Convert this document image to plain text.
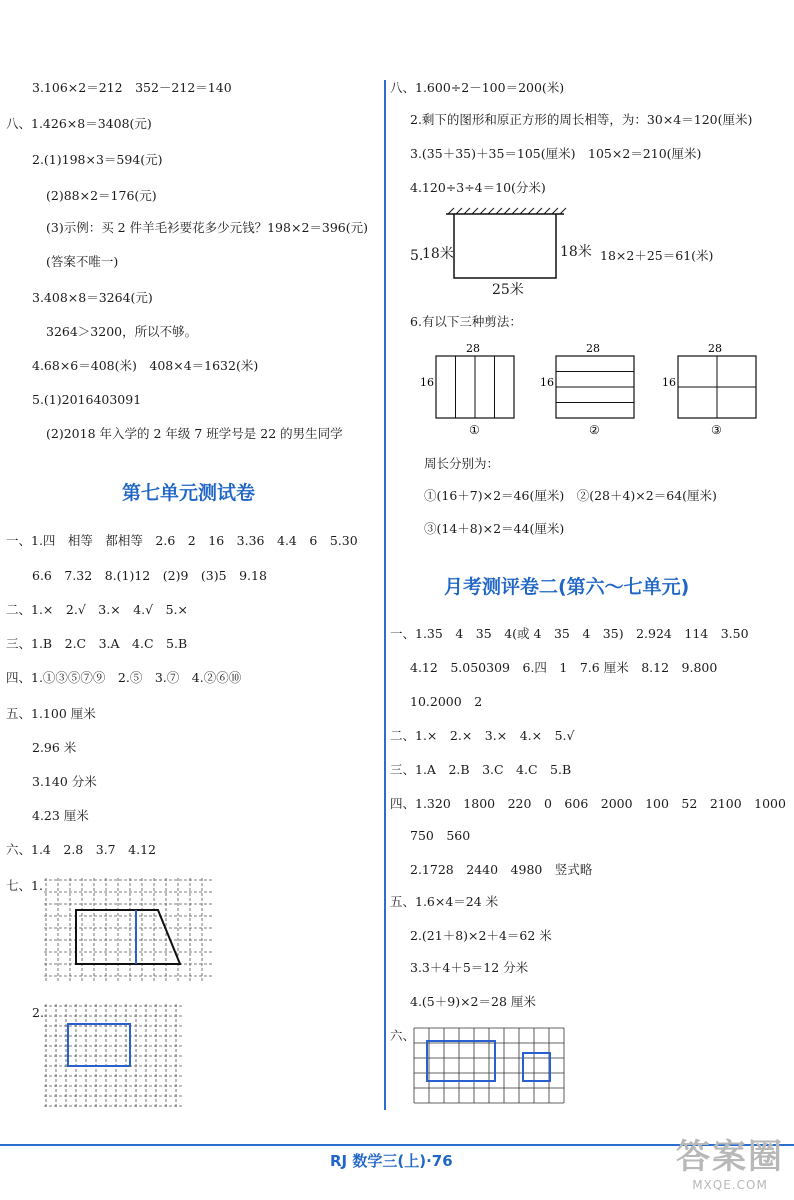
3.106×2＝212　352－212＝140
八、1.426×8＝3408(元)
2.(1)198×3＝594(元)
(2)88×2＝176(元)
(3)示例：买 2 件羊毛衫要花多少元钱？198×2＝396(元)
(答案不唯一)
3.408×8＝3264(元)
3264＞3200，所以不够。
4.68×6＝408(米)　408×4＝1632(米)
5.(1)2016403091
(2)2018 年入学的 2 年级 7 班学号是 22 的男生同学
第七单元测试卷
一、1.四　相等　都相等　2.6　2　16　3.36　4.4　6　5.30
6.6　7.32　8.(1)12　(2)9　(3)5　9.18
二、1.×　2.√　3.×　4.√　5.×
三、1.B　2.C　3.A　4.C　5.B
四、1.①③⑤⑦⑨　2.⑤　3.⑦　4.②⑥⑩
五、1.100 厘米
2.96 米
3.140 分米
4.23 厘米
六、1.4　2.8　3.7　4.12
七、1.
2.
八、1.600÷2－100＝200(米)
2.剩下的图形和原正方形的周长相等，为：30×4＝120(厘米)
3.(35＋35)＋35＝105(厘米)　105×2＝210(厘米)
4.120÷3÷4＝10(分米)
5.
18米	18米 18×2＋25＝61(米)
25米
6.有以下三种剪法：
28
16
①
28
16
②
28
16
③
周长分别为：
①(16＋7)×2＝46(厘米)　②(28＋4)×2＝64(厘米)
③(14＋8)×2＝44(厘米)
月考测评卷二(第六～七单元)
一、1.35　4　35　4(或 4　35　4　35)　2.924　114　3.50
4.12　5.050309　6.四　1　7.6 厘米　8.12　9.800
10.2000　2
二、1.×　2.×　3.×　4.×　5.√
三、1.A　2.B　3.C　4.C　5.B
四、1.320　1800　220　0　606　2000　100　52　2100　1000
750　560
2.1728　2440　4980　竖式略
五、1.6×4＝24 米
2.(21＋8)×2＋4＝62 米
3.3＋4＋5＝12 分米
4.(5＋9)×2＝28 厘米
六、
RJ 数学三(上)·76	答案圈
MXQE.COM
